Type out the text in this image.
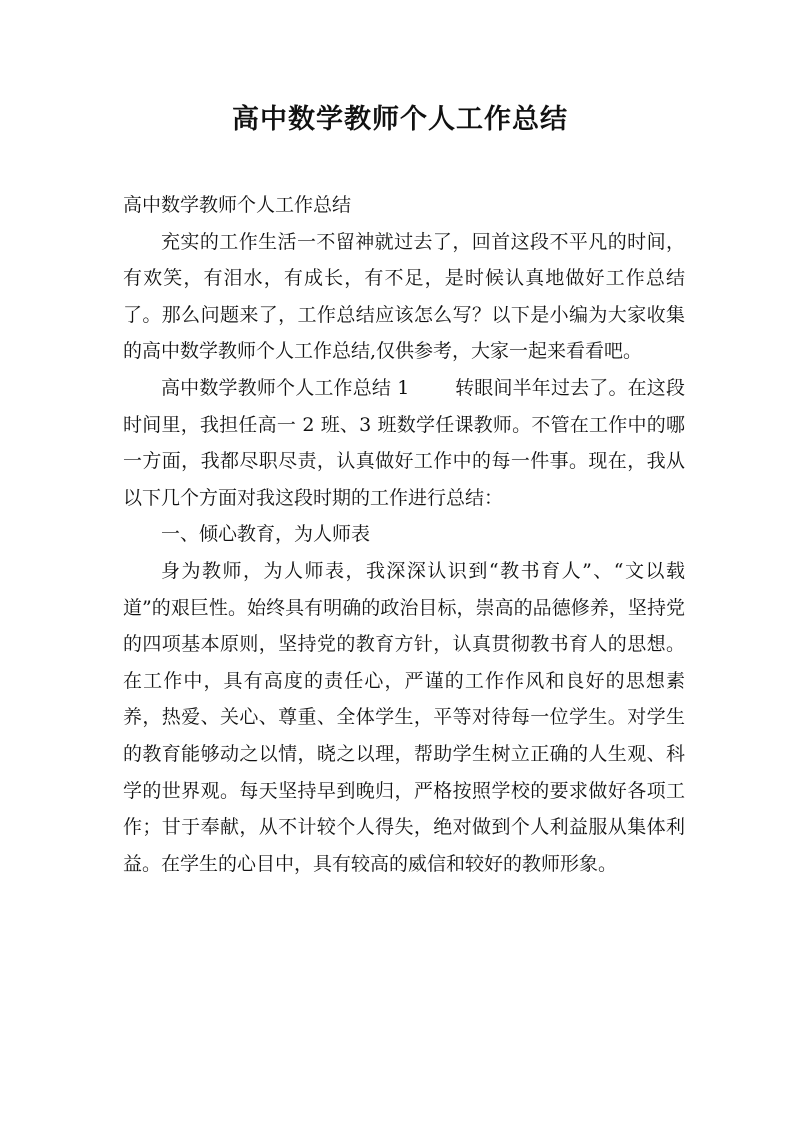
高中数学教师个人工作总结

高中数学教师个人工作总结

充实的工作生活一不留神就过去了，回首这段不平凡的时间，有欢笑，有泪水，有成长，有不足，是时候认真地做好工作总结了。那么问题来了，工作总结应该怎么写？以下是小编为大家收集的高中数学教师个人工作总结,仅供参考，大家一起来看看吧。

高中数学教师个人工作总结 1 转眼间半年过去了。在这段时间里，我担任高一 2 班、3 班数学任课教师。不管在工作中的哪一方面，我都尽职尽责，认真做好工作中的每一件事。现在，我从以下几个方面对我这段时期的工作进行总结：

一、倾心教育，为人师表

身为教师，为人师表，我深深认识到“教书育人”、“文以载道”的艰巨性。始终具有明确的政治目标，崇高的品德修养，坚持党的四项基本原则，坚持党的教育方针，认真贯彻教书育人的思想。在工作中，具有高度的责任心，严谨的工作作风和良好的思想素养，热爱、关心、尊重、全体学生，平等对待每一位学生。对学生的教育能够动之以情，晓之以理，帮助学生树立正确的人生观、科学的世界观。每天坚持早到晚归，严格按照学校的要求做好各项工作；甘于奉献，从不计较个人得失，绝对做到个人利益服从集体利益。在学生的心目中，具有较高的威信和较好的教师形象。
